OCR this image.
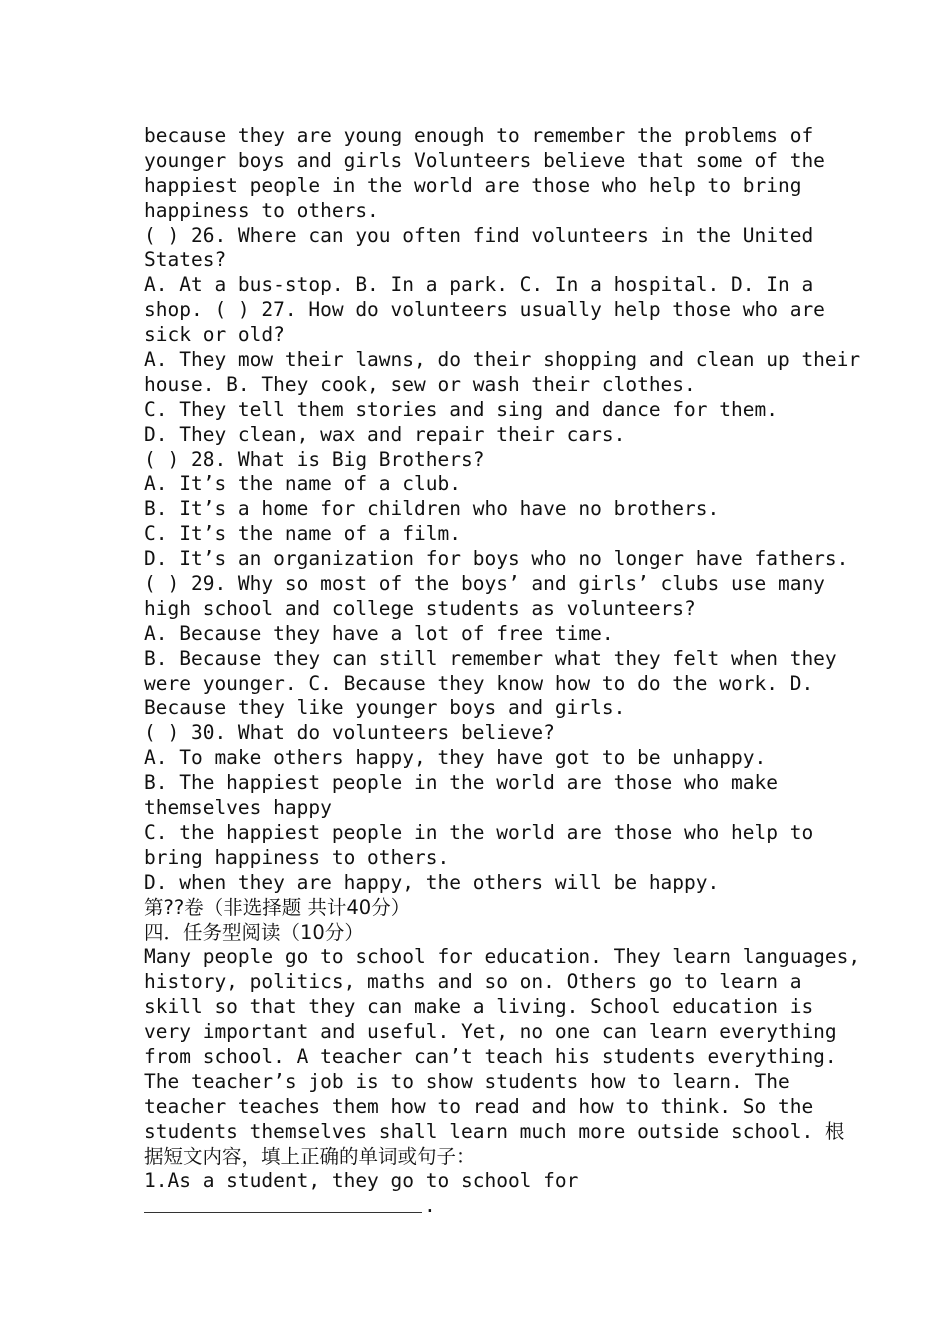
because they are young enough to remember the problems of
younger boys and girls Volunteers believe that some of the
happiest people in the world are those who help to bring
happiness to others.
( ) 26. Where can you often find volunteers in the United
States?
A. At a bus-stop. B. In a park. C. In a hospital. D. In a
shop. ( ) 27. How do volunteers usually help those who are
sick or old?
A. They mow their lawns, do their shopping and clean up their
house. B. They cook, sew or wash their clothes.
C. They tell them stories and sing and dance for them.
D. They clean, wax and repair their cars.
( ) 28. What is Big Brothers?
A. It’s the name of a club.
B. It’s a home for children who have no brothers.
C. It’s the name of a film.
D. It’s an organization for boys who no longer have fathers.
( ) 29. Why so most of the boys’ and girls’ clubs use many
high school and college students as volunteers?
A. Because they have a lot of free time.
B. Because they can still remember what they felt when they
were younger. C. Because they know how to do the work. D.
Because they like younger boys and girls.
( ) 30. What do volunteers believe?
A. To make others happy, they have got to be unhappy.
B. The happiest people in the world are those who make
themselves happy
C. the happiest people in the world are those who help to
bring happiness to others.
D. when they are happy, the others will be happy.
第??卷（非选择题 共计40分）
四．任务型阅读（10分）
Many people go to school for education. They learn languages,
history, politics, maths and so on. Others go to learn a
skill so that they can make a living. School education is
very important and useful. Yet, no one can learn everything
from school. A teacher can’t teach his students everything.
The teacher’s job is to show students how to learn. The
teacher teaches them how to read and how to think. So the
students themselves shall learn much more outside school. 根
据短文内容，填上正确的单词或句子：
1.As a student, they go to school for
.
